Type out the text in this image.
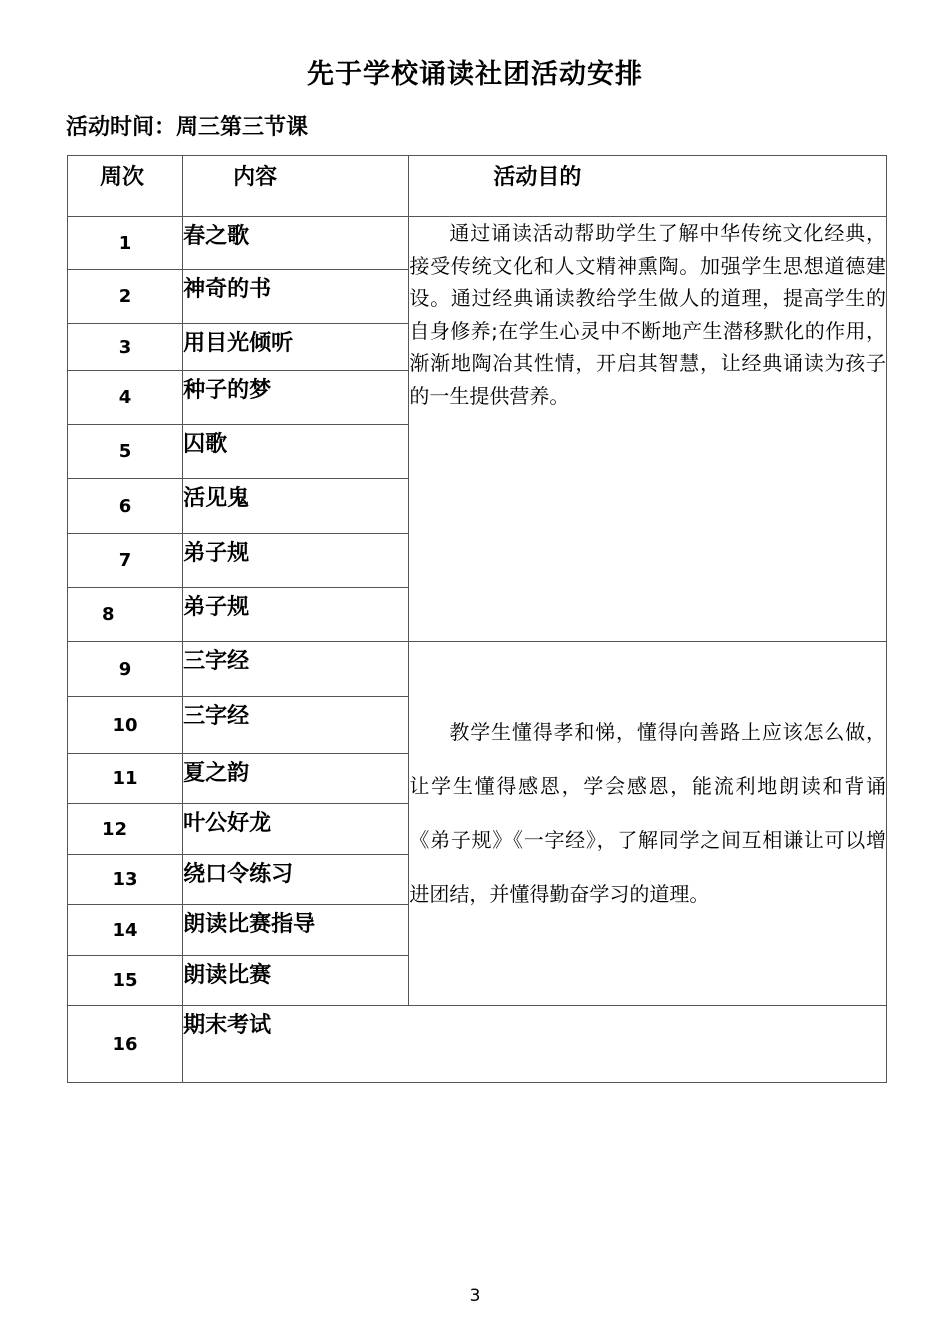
先于学校诵读社团活动安排
活动时间：周三第三节课
周次	内容	活动目的

1	春之歌	通过诵读活动帮助学生了解中华传统文化经典，接受传统文化和人文精神熏陶。加强学生思想道德建设。通过经典诵读教给学生做人的道理，提高学生的自身修养;在学生心灵中不断地产生潜移默化的作用，渐渐地陶冶其性情，开启其智慧，让经典诵读为孩子的一生提供营养。

2	神奇的书	

3	用目光倾听	

4	种子的梦	

5	囚歌	

6	活见鬼	

7	弟子规	

8	弟子规	

9	三字经	教学生懂得孝和悌，懂得向善路上应该怎么做，让学生懂得感恩，学会感恩，能流利地朗读和背诵《弟子规》《一字经》，了解同学之间互相谦让可以增进团结，并懂得勤奋学习的道理。

10	三字经	

11	夏之韵	

12	叶公好龙	

13	绕口令练习	

14	朗读比赛指导	

15	朗读比赛	

16	期末考试	
3
